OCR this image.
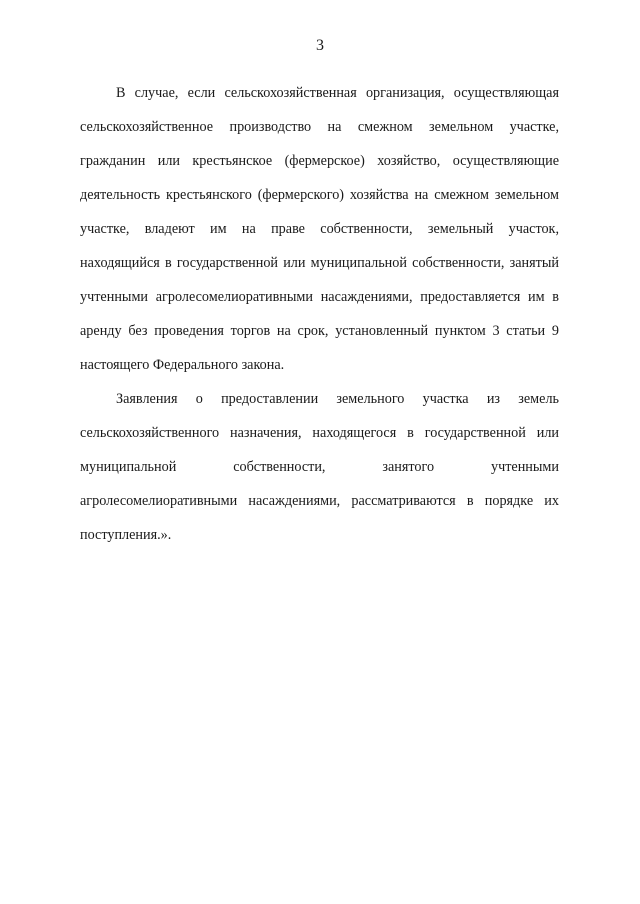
3

В случае, если сельскохозяйственная организация, осуществляющая сельскохозяйственное производство на смежном земельном участке, гражданин или крестьянское (фермерское) хозяйство, осуществляющие деятельность крестьянского (фермерского) хозяйства на смежном земельном участке, владеют им на праве собственности, земельный участок, находящийся в государственной или муниципальной собственности, занятый учтенными агролесомелиоративными насаждениями, предоставляется им в аренду без проведения торгов на срок, установленный пунктом 3 статьи 9 настоящего Федерального закона.

Заявления о предоставлении земельного участка из земель сельскохозяйственного назначения, находящегося в государственной или муниципальной собственности, занятого учтенными агролесомелиоративными насаждениями, рассматриваются в порядке их поступления.».
